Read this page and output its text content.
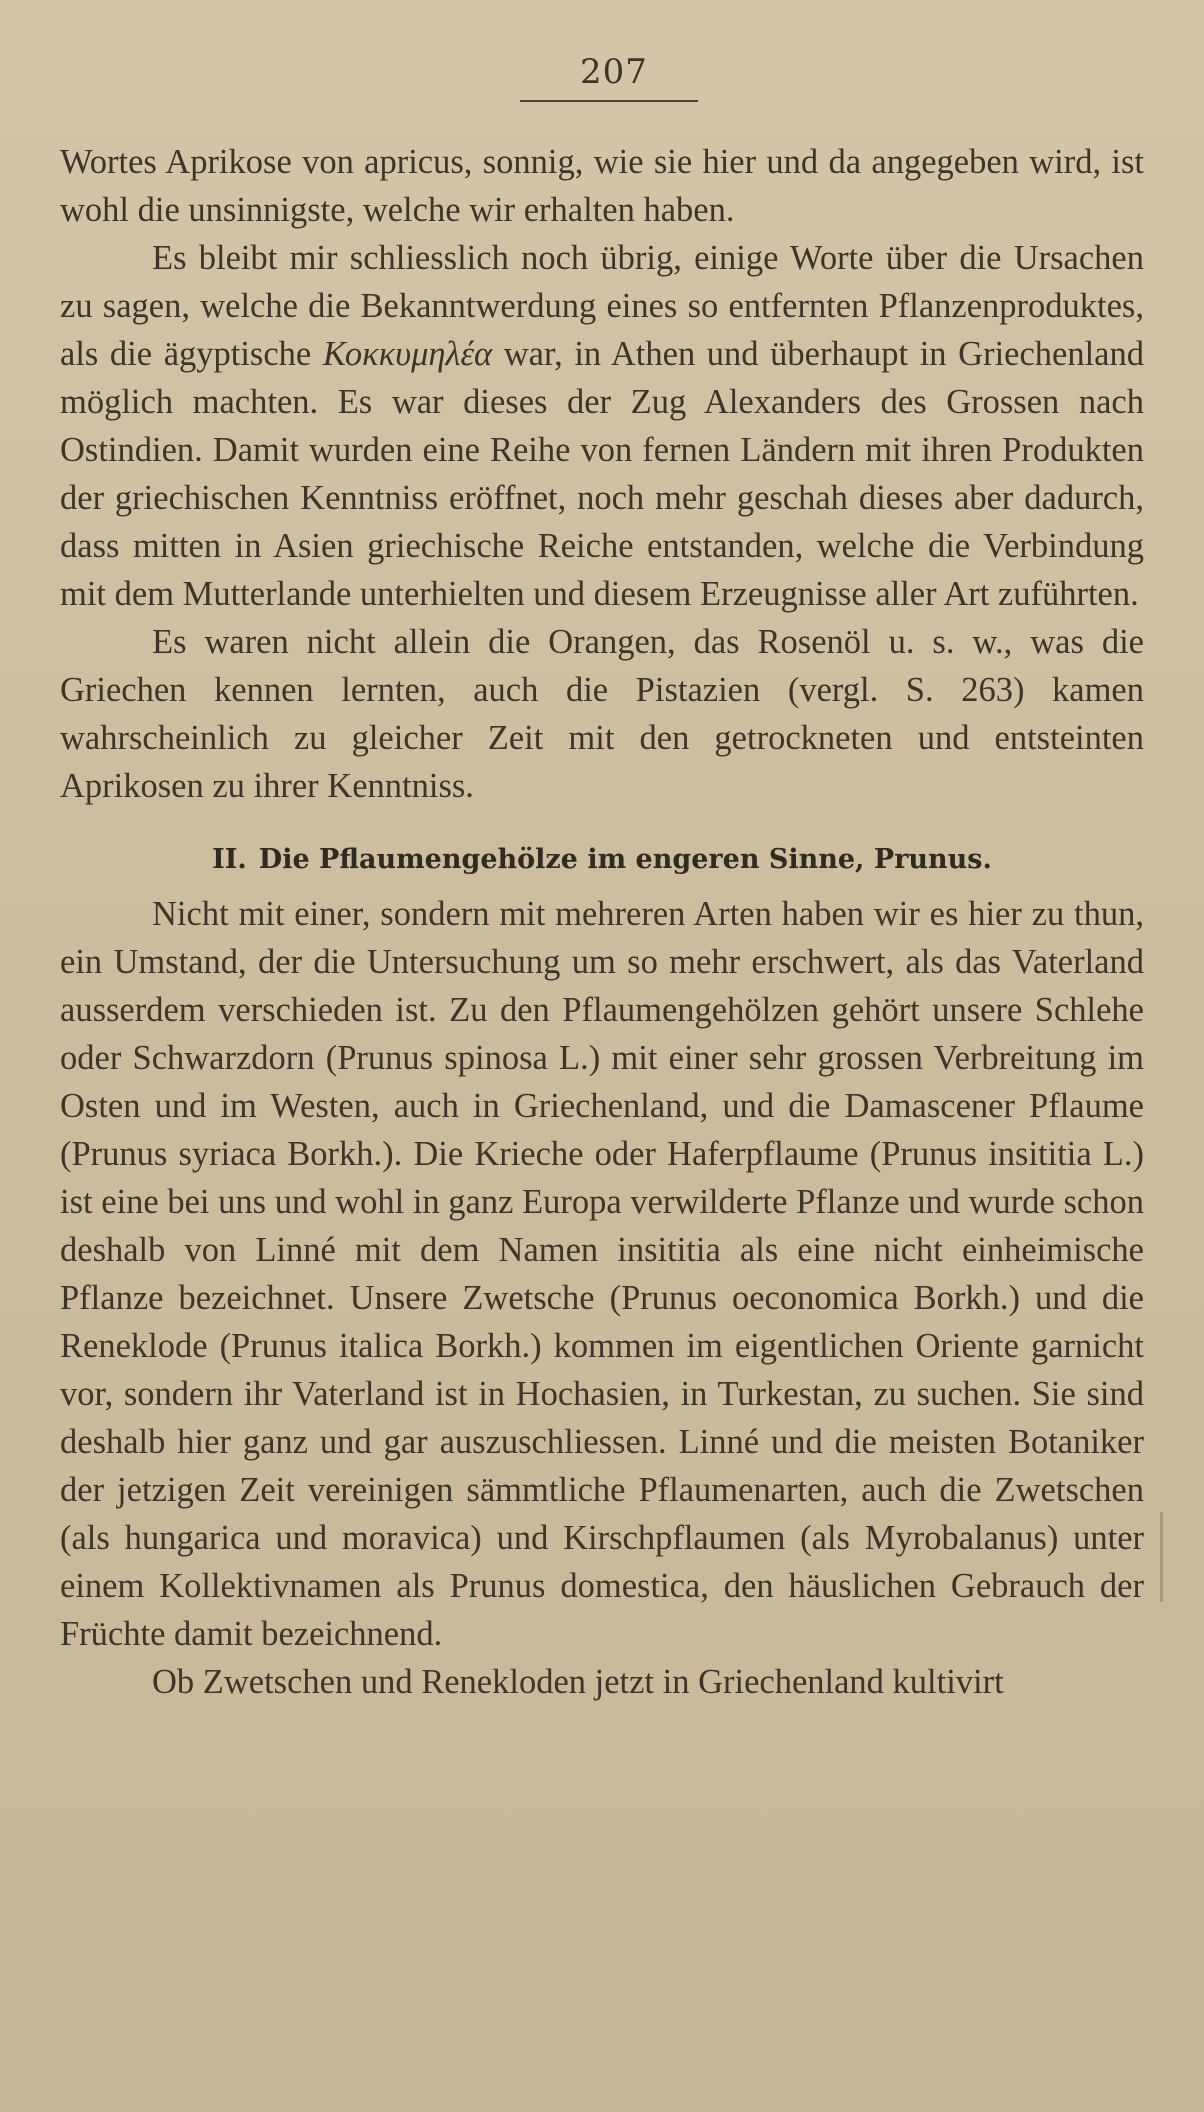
207

Wortes Aprikose von apricus, sonnig, wie sie hier und da angegeben wird, ist wohl die unsinnigste, welche wir erhalten haben.

Es bleibt mir schliesslich noch übrig, einige Worte über die Ursachen zu sagen, welche die Bekanntwerdung eines so entfernten Pflanzenproduktes, als die ägyptische Κοκκυμηλέα war, in Athen und überhaupt in Griechenland möglich machten. Es war dieses der Zug Alexanders des Grossen nach Ostindien. Damit wurden eine Reihe von fernen Ländern mit ihren Produkten der griechischen Kenntniss eröffnet, noch mehr geschah dieses aber dadurch, dass mitten in Asien griechische Reiche entstanden, welche die Verbindung mit dem Mutterlande unterhielten und diesem Erzeugnisse aller Art zuführten.

Es waren nicht allein die Orangen, das Rosenöl u. s. w., was die Griechen kennen lernten, auch die Pistazien (vergl. S. 263) kamen wahrscheinlich zu gleicher Zeit mit den getrockneten und entsteinten Aprikosen zu ihrer Kenntniss.

II. Die Pflaumengehölze im engeren Sinne, Prunus.

Nicht mit einer, sondern mit mehreren Arten haben wir es hier zu thun, ein Umstand, der die Untersuchung um so mehr erschwert, als das Vaterland ausserdem verschieden ist. Zu den Pflaumengehölzen gehört unsere Schlehe oder Schwarzdorn (Prunus spinosa L.) mit einer sehr grossen Verbreitung im Osten und im Westen, auch in Griechenland, und die Damascener Pflaume (Prunus syriaca Borkh.). Die Krieche oder Haferpflaume (Prunus insititia L.) ist eine bei uns und wohl in ganz Europa verwilderte Pflanze und wurde schon deshalb von Linné mit dem Namen insititia als eine nicht einheimische Pflanze bezeichnet. Unsere Zwetsche (Prunus oeconomica Borkh.) und die Reneklode (Prunus italica Borkh.) kommen im eigentlichen Oriente garnicht vor, sondern ihr Vaterland ist in Hochasien, in Turkestan, zu suchen. Sie sind deshalb hier ganz und gar auszuschliessen. Linné und die meisten Botaniker der jetzigen Zeit vereinigen sämmtliche Pflaumenarten, auch die Zwetschen (als hungarica und moravica) und Kirschpflaumen (als Myrobalanus) unter einem Kollektivnamen als Prunus domestica, den häuslichen Gebrauch der Früchte damit bezeichnend.

Ob Zwetschen und Renekloden jetzt in Griechenland kultivirt
